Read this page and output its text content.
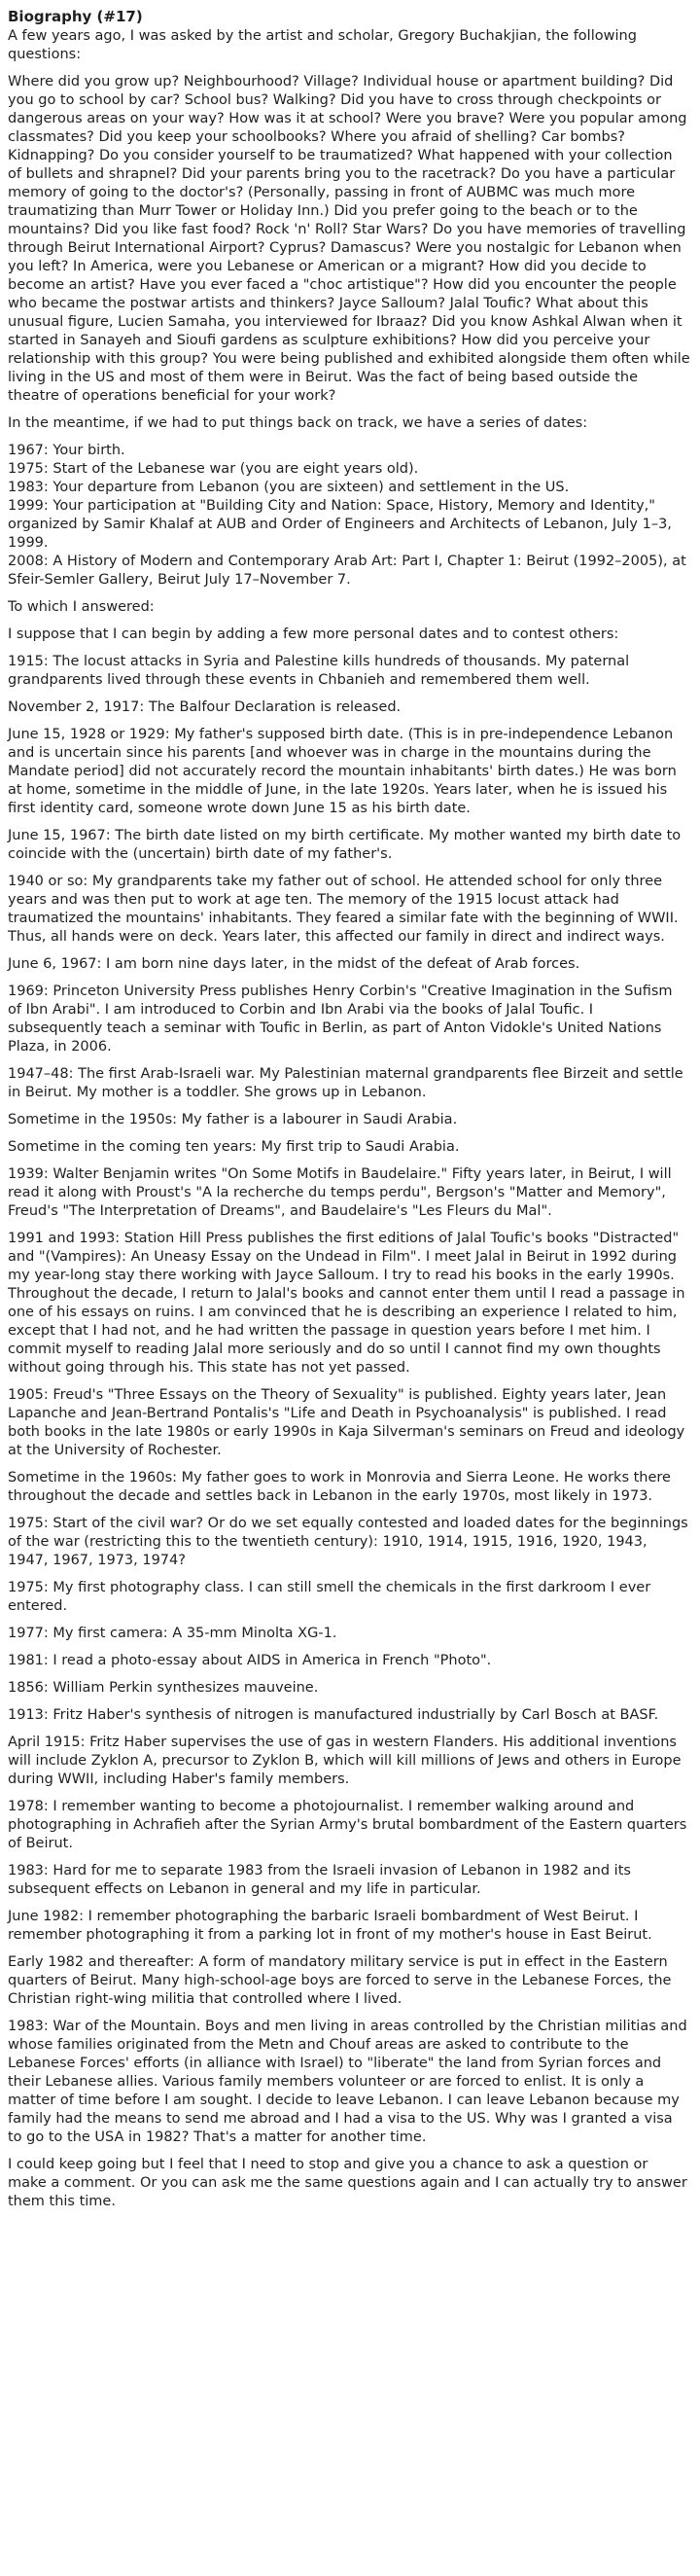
Biography (#17)

A few years ago, I was asked by the artist and scholar, Gregory Buchakjian, the following questions:

Where did you grow up? Neighbourhood? Village? Individual house or apartment building? Did you go to school by car? School bus? Walking? Did you have to cross through checkpoints or dangerous areas on your way? How was it at school? Were you brave? Were you popular among classmates? Did you keep your schoolbooks? Where you afraid of shelling? Car bombs? Kidnapping? Do you consider yourself to be traumatized? What happened with your collection of bullets and shrapnel? Did your parents bring you to the racetrack? Do you have a particular memory of going to the doctor's? (Personally, passing in front of AUBMC was much more traumatizing than Murr Tower or Holiday Inn.) Did you prefer going to the beach or to the mountains? Did you like fast food? Rock 'n' Roll? Star Wars? Do you have memories of travelling through Beirut International Airport? Cyprus? Damascus? Were you nostalgic for Lebanon when you left? In America, were you Lebanese or American or a migrant? How did you decide to become an artist? Have you ever faced a "choc artistique"? How did you encounter the people who became the postwar artists and thinkers? Jayce Salloum? Jalal Toufic? What about this unusual figure, Lucien Samaha, you interviewed for Ibraaz? Did you know Ashkal Alwan when it started in Sanayeh and Sioufi gardens as sculpture exhibitions? How did you perceive your relationship with this group? You were being published and exhibited alongside them often while living in the US and most of them were in Beirut. Was the fact of being based outside the theatre of operations beneficial for your work?

In the meantime, if we had to put things back on track, we have a series of dates:

1967: Your birth.
1975: Start of the Lebanese war (you are eight years old).
1983: Your departure from Lebanon (you are sixteen) and settlement in the US.
1999: Your participation at "Building City and Nation: Space, History, Memory and Identity," organized by Samir Khalaf at AUB and Order of Engineers and Architects of Lebanon, July 1–3, 1999.
2008: A History of Modern and Contemporary Arab Art: Part I, Chapter 1: Beirut (1992–2005), at Sfeir-Semler Gallery, Beirut July 17–November 7.

To which I answered:

I suppose that I can begin by adding a few more personal dates and to contest others:

1915: The locust attacks in Syria and Palestine kills hundreds of thousands. My paternal grandparents lived through these events in Chbanieh and remembered them well.

November 2, 1917: The Balfour Declaration is released.

June 15, 1928 or 1929: My father's supposed birth date. (This is in pre-independence Lebanon and is uncertain since his parents [and whoever was in charge in the mountains during the Mandate period] did not accurately record the mountain inhabitants' birth dates.) He was born at home, sometime in the middle of June, in the late 1920s. Years later, when he is issued his first identity card, someone wrote down June 15 as his birth date.

June 15, 1967: The birth date listed on my birth certificate. My mother wanted my birth date to coincide with the (uncertain) birth date of my father's.

1940 or so: My grandparents take my father out of school. He attended school for only three years and was then put to work at age ten. The memory of the 1915 locust attack had traumatized the mountains' inhabitants. They feared a similar fate with the beginning of WWII. Thus, all hands were on deck. Years later, this affected our family in direct and indirect ways.

June 6, 1967: I am born nine days later, in the midst of the defeat of Arab forces.

1969: Princeton University Press publishes Henry Corbin's "Creative Imagination in the Sufism of Ibn Arabi". I am introduced to Corbin and Ibn Arabi via the books of Jalal Toufic. I subsequently teach a seminar with Toufic in Berlin, as part of Anton Vidokle's United Nations Plaza, in 2006.

1947–48: The first Arab-Israeli war. My Palestinian maternal grandparents flee Birzeit and settle in Beirut. My mother is a toddler. She grows up in Lebanon.

Sometime in the 1950s: My father is a labourer in Saudi Arabia.

Sometime in the coming ten years: My first trip to Saudi Arabia.

1939: Walter Benjamin writes "On Some Motifs in Baudelaire." Fifty years later, in Beirut, I will read it along with Proust's "A la recherche du temps perdu", Bergson's "Matter and Memory", Freud's "The Interpretation of Dreams", and Baudelaire's "Les Fleurs du Mal".

1991 and 1993: Station Hill Press publishes the first editions of Jalal Toufic's books "Distracted" and "(Vampires): An Uneasy Essay on the Undead in Film". I meet Jalal in Beirut in 1992 during my year-long stay there working with Jayce Salloum. I try to read his books in the early 1990s. Throughout the decade, I return to Jalal's books and cannot enter them until I read a passage in one of his essays on ruins. I am convinced that he is describing an experience I related to him, except that I had not, and he had written the passage in question years before I met him. I commit myself to reading Jalal more seriously and do so until I cannot find my own thoughts without going through his. This state has not yet passed.

1905: Freud's "Three Essays on the Theory of Sexuality" is published. Eighty years later, Jean Lapanche and Jean-Bertrand Pontalis's "Life and Death in Psychoanalysis" is published. I read both books in the late 1980s or early 1990s in Kaja Silverman's seminars on Freud and ideology at the University of Rochester.

Sometime in the 1960s: My father goes to work in Monrovia and Sierra Leone. He works there throughout the decade and settles back in Lebanon in the early 1970s, most likely in 1973.

1975: Start of the civil war? Or do we set equally contested and loaded dates for the beginnings of the war (restricting this to the twentieth century): 1910, 1914, 1915, 1916, 1920, 1943, 1947, 1967, 1973, 1974?

1975: My first photography class. I can still smell the chemicals in the first darkroom I ever entered.

1977: My first camera: A 35-mm Minolta XG-1.

1981: I read a photo-essay about AIDS in America in French "Photo".

1856: William Perkin synthesizes mauveine.

1913: Fritz Haber's synthesis of nitrogen is manufactured industrially by Carl Bosch at BASF.

April 1915: Fritz Haber supervises the use of gas in western Flanders. His additional inventions will include Zyklon A, precursor to Zyklon B, which will kill millions of Jews and others in Europe during WWII, including Haber's family members.

1978: I remember wanting to become a photojournalist. I remember walking around and photographing in Achrafieh after the Syrian Army's brutal bombardment of the Eastern quarters of Beirut.

1983: Hard for me to separate 1983 from the Israeli invasion of Lebanon in 1982 and its subsequent effects on Lebanon in general and my life in particular.

June 1982: I remember photographing the barbaric Israeli bombardment of West Beirut. I remember photographing it from a parking lot in front of my mother's house in East Beirut.

Early 1982 and thereafter: A form of mandatory military service is put in effect in the Eastern quarters of Beirut. Many high-school-age boys are forced to serve in the Lebanese Forces, the Christian right-wing militia that controlled where I lived.

1983: War of the Mountain. Boys and men living in areas controlled by the Christian militias and whose families originated from the Metn and Chouf areas are asked to contribute to the Lebanese Forces' efforts (in alliance with Israel) to "liberate" the land from Syrian forces and their Lebanese allies. Various family members volunteer or are forced to enlist. It is only a matter of time before I am sought. I decide to leave Lebanon. I can leave Lebanon because my family had the means to send me abroad and I had a visa to the US. Why was I granted a visa to go to the USA in 1982? That's a matter for another time.

I could keep going but I feel that I need to stop and give you a chance to ask a question or make a comment. Or you can ask me the same questions again and I can actually try to answer them this time.
